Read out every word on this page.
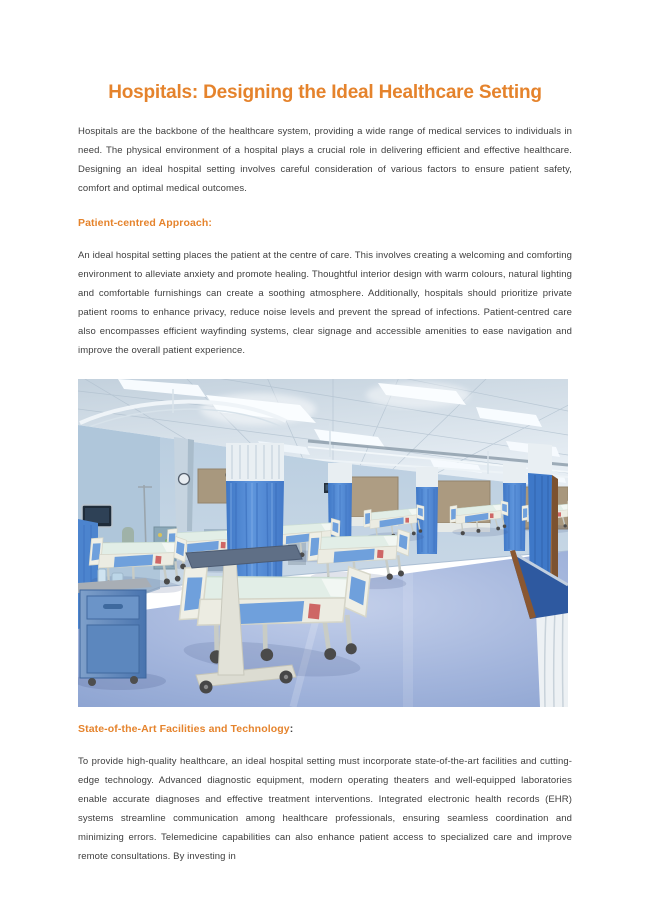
Hospitals: Designing the Ideal Healthcare Setting

Hospitals are the backbone of the healthcare system, providing a wide range of medical services to individuals in need. The physical environment of a hospital plays a crucial role in delivering efficient and effective healthcare. Designing an ideal hospital setting involves careful consideration of various factors to ensure patient safety, comfort and optimal medical outcomes.

Patient-centred Approach:

An ideal hospital setting places the patient at the centre of care. This involves creating a welcoming and comforting environment to alleviate anxiety and promote healing. Thoughtful interior design with warm colours, natural lighting and comfortable furnishings can create a soothing atmosphere. Additionally, hospitals should prioritize private patient rooms to enhance privacy, reduce noise levels and prevent the spread of infections. Patient-centred care also encompasses efficient wayfinding systems, clear signage and accessible amenities to ease navigation and improve the overall patient experience.

State-of-the-Art Facilities and Technology:

To provide high-quality healthcare, an ideal hospital setting must incorporate state-of-the-art facilities and cutting-edge technology. Advanced diagnostic equipment, modern operating theaters and well-equipped laboratories enable accurate diagnoses and effective treatment interventions. Integrated electronic health records (EHR) systems streamline communication among healthcare professionals, ensuring seamless coordination and minimizing errors. Telemedicine capabilities can also enhance patient access to specialized care and improve remote consultations. By investing in
